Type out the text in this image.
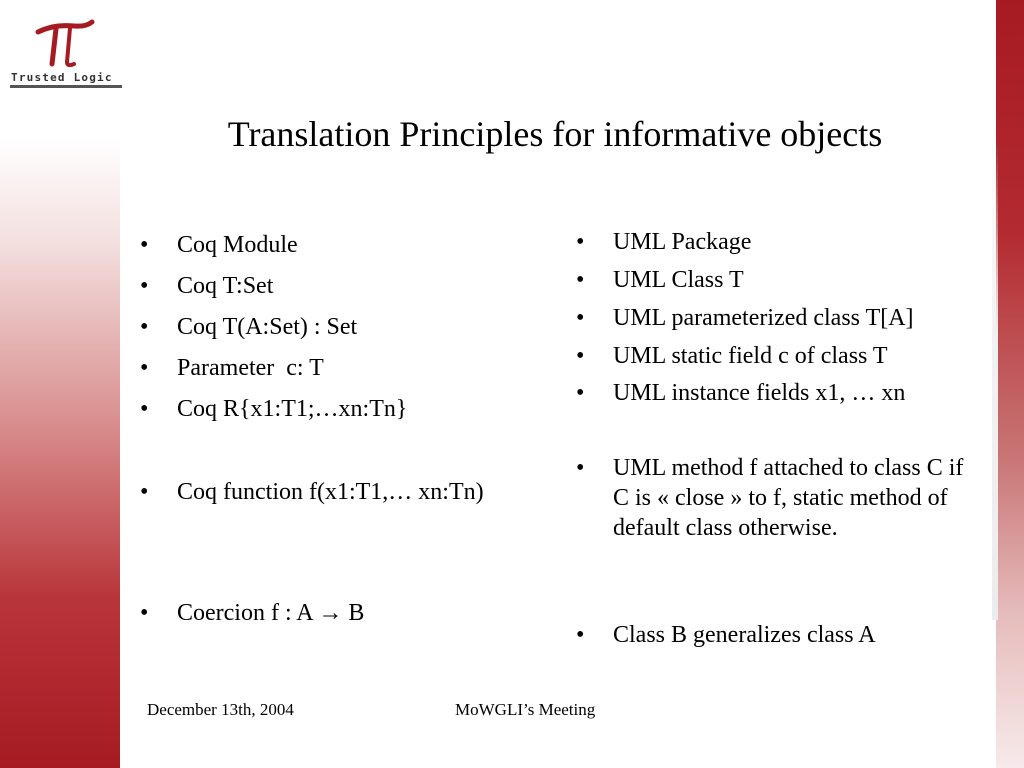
Trusted Logic
Translation Principles for informative objects
• Coq Module
• Coq T:Set
• Coq T(A:Set) : Set
• Parameter  c: T
• Coq R{x1:T1;…xn:Tn}
• Coq function f(x1:T1,… xn:Tn)
• Coercion f : A → B
• UML Package
• UML Class T
• UML parameterized class T[A]
• UML static field c of class T
• UML instance fields x1, … xn
• UML method f attached to class C if C is « close » to f, static method of default class otherwise.
• Class B generalizes class A
December 13th, 2004	MoWGLI’s Meeting
